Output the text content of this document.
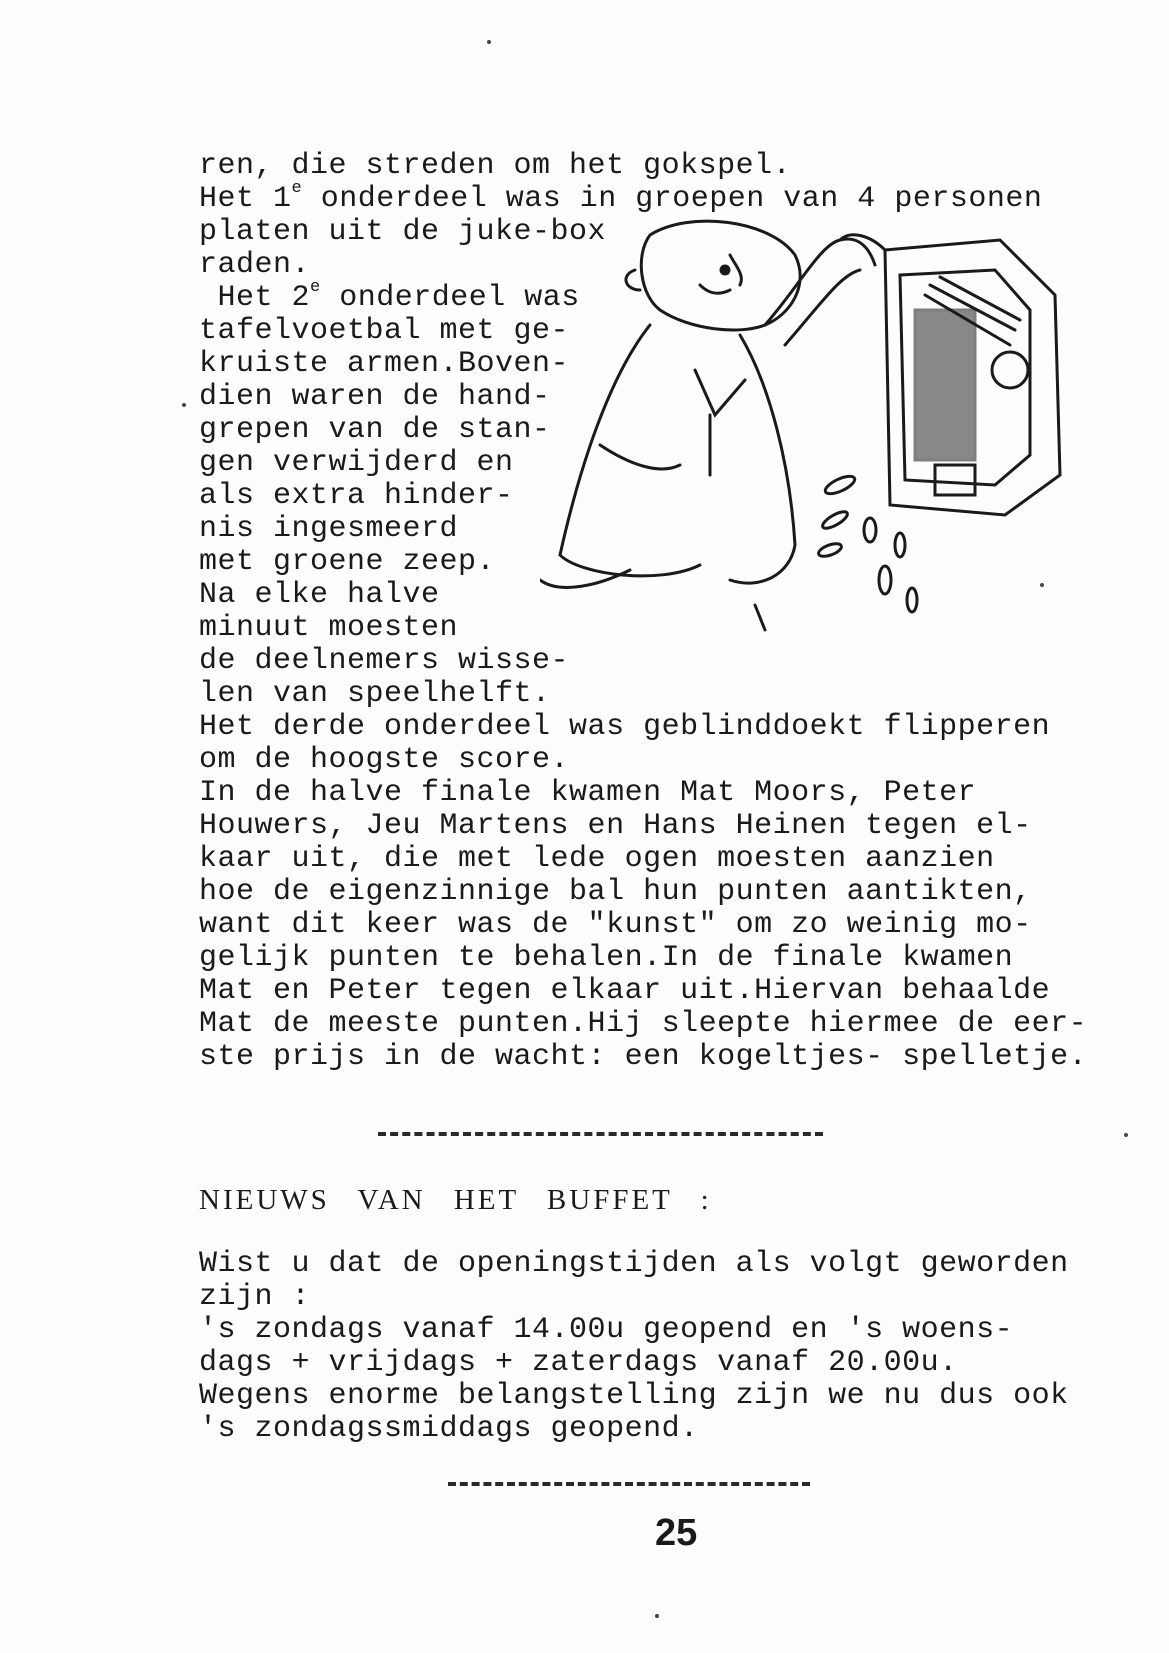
ren, die streden om het gokspel.
Het 1e onderdeel was in groepen van 4 personen
platen uit de juke-box
raden.
Het 2e onderdeel was
tafelvoetbal met ge-
kruiste armen.Boven-
dien waren de hand-
grepen van de stan-
gen verwijderd en
als extra hinder-
nis ingesmeerd
met groene zeep.
Na elke halve
minuut moesten
de deelnemers wisse-
len van speelhelft.
Het derde onderdeel was geblinddoekt flipperen
om de hoogste score.
In de halve finale kwamen Mat Moors, Peter
Houwers, Jeu Martens en Hans Heinen tegen el-
kaar uit, die met lede ogen moesten aanzien
hoe de eigenzinnige bal hun punten aantikten,
want dit keer was de "kunst" om zo weinig mo-
gelijk punten te behalen.In de finale kwamen
Mat en Peter tegen elkaar uit.Hiervan behaalde
Mat de meeste punten.Hij sleepte hiermee de eer-
ste prijs in de wacht: een kogeltjes- spelletje.
NIEUWS VAN HET BUFFET :
Wist u dat de openingstijden als volgt geworden
zijn :
's zondags vanaf 14.00u geopend en 's woens-
dags + vrijdags + zaterdags vanaf 20.00u.
Wegens enorme belangstelling zijn we nu dus ook
's zondagssmiddags geopend.
25
